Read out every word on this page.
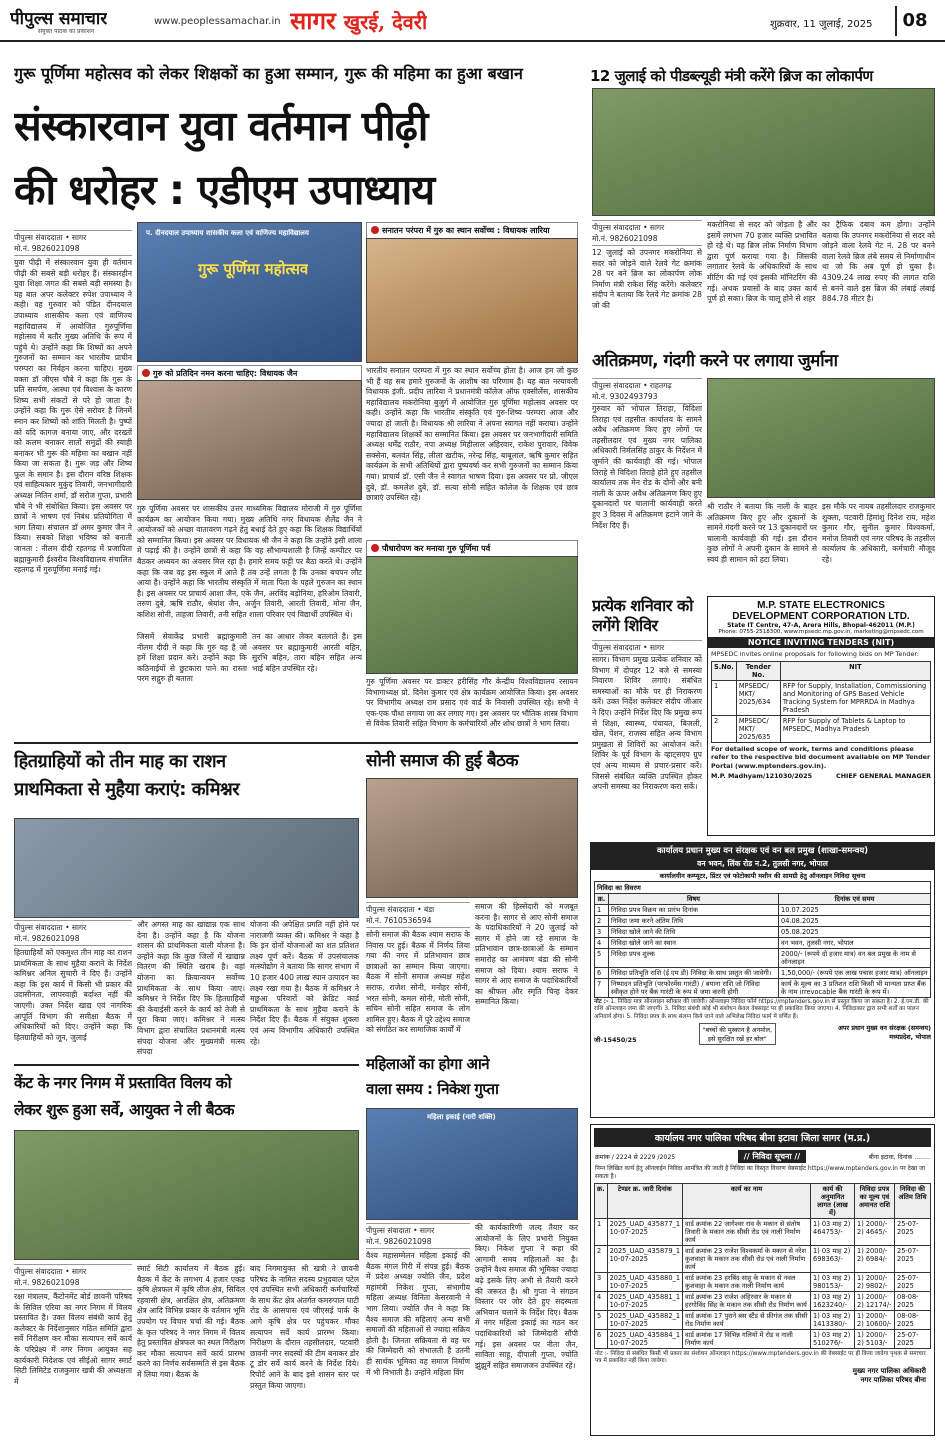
पीपुल्स समाचार
संयुक्त पाठक का प्रकाशन
www.peoplessamachar.in सागर खुरई, देवरी	शुक्रवार, 11 जुलाई, 2025	08
गुरू पूर्णिमा महोत्सव को लेकर शिक्षकों का हुआ सम्मान, गुरू की महिमा का हुआ बखान
संस्कारवान युवा वर्तमान पीढ़ी
की धरोहर : एडीएम उपाध्याय
पीपुल्स संवाददाता • सागर
मो.नं. 9826021098
युवा पीढ़ी में संस्कारवान युवा ही वर्तमान पीढ़ी की सबसे बड़ी धरोहर हैं। संस्कारहीन युवा शिक्षा जगत की सबसे बड़ी समस्या है। यह बात अपर कलेक्टर रुपेश उपाध्याय ने कही। वह गुरुवार को पंडित दीनदयाल उपाध्याय शासकीय कला एवं वाणिज्य महाविद्यालय में आयोजित गुरुपूर्णिमा महोत्सव में बतौर मुख्य अतिथि के रूप में पहुंचे थे। उन्होंने कहा कि शिष्यों का अपने गुरुजनों का सम्मान कर भारतीय प्राचीन परम्परा का निर्वहन करना चाहिए। मुख्य वक्ता डॉ जीएस चौबे ने कहा कि गुरू के प्रति समर्पण, आस्था एवं विश्वास के कारण शिष्य सभी संकटों से परे हो जाता है। उन्होंने कहा कि गुरू ऐसे सरोवर है जिनमें स्नान कर शिष्यों को शांति मिलती है। पुष्पों को यदि कागज बनाया जाए, और दरख्तों को कलम बनाकर सातों समुद्रों की स्याही बनाकर भी गुरू की महिमा का बखान नहीं किया जा सकता है। गुरू जड़ और शिष्य फूल के समान है। इस दौरान वरिष्ठ शिक्षक एवं साहित्यकार मुकुंद तिवारी, जनभागीदारी अध्यक्ष नितिन शर्मा, डॉ सरोज गुप्ता, प्रभारी चौबे ने भी संबोधित किया। इस अवसर पर छात्रों ने भाषण एवं निबंध प्रतियोगिता में भाग लिया। संचालन डॉ अमर कुमार जैन ने किया। सबको शिक्षा भविष्य को बनाती जानता : नीलम दीदी रहतगढ़ में प्रजापिता ब्रह्माकुमारी ईश्वरीय विश्वविद्यालय संचालित रहतगढ़ में गुरुपूर्णिमा मनाई गई।
प. दीनदयाल उपाध्याय शासकीय कला एवं वाणिज्य महाविद्यालय
गुरू पूर्णिमा महोत्सव
गुरु को प्रतिदिन नमन करना चाहिए: विधायक जैन
गुरु पूर्णिमा अवसर पर शासकीय उत्तर माध्यमिक विद्यालय मोराजी में गुरु पूर्णिमा कार्यक्रम का आयोजन किया गया। मुख्य अतिथि नगर विधायक शैलेंद्र जैन ने आयोजकों को अच्छा वातावरण गढ़ने हेतु बधाई देते हुए कहा कि शिक्षक विद्यार्थियों को सम्मानित किया। इस अवसर पर विधायक श्री जैन ने कहा कि उन्होंने इसी शाला में पढ़ाई की है। उन्होंने छात्रों से कहा कि वह सौभाग्यशाली है जिन्हें कम्पीटर पर बैठकर अध्ययन का अवसर मिल रहा है। हमारे समय फट्टी पर बैठा करते थे। उन्होंने कहा कि जब वह इस स्कूल में आते हैं तब उन्हें लगता है कि उनका बचपन लौट आया है। उन्होंने कहा कि भारतीय संस्कृति में माता पिता के पहले गुरुजन का स्थान है। इस अवसर पर प्राचार्य आशा जैन, एके जैन, अरविंद बड़ोनिया, हरिओम तिवारी, तरुण दुबे, ऋषि राठौर, श्रेयांश जैन, अर्जुन तिवारी, आरती तिवारी, मोना जैन, कशिश सोनी, ताहजा तिवारी, तनी सहित शाला परिवार एवं विद्यार्थी उपस्थित थे।
जिसमें सेवाकेंद्र प्रभारी ब्रह्माकुमारी नीलम दीदी ने कहा कि गुरु वह है जो हमें शिक्षा प्रदान करे। उन्होंने कहा कि कठिनाईयों से छुटकारा पाने का रास्ता परम सद्गुरु ही बताता
तन का आधार लेकर बतलाते है। इस अवसर पर ब्रह्माकुमारी आरती बहिन, सुरभि बहिन, तारा बहिन सहित अन्य भाई बहिन उपस्थित रहे।
सनातन परंपरा में गुरु का स्थान सर्वोच्च : विधायक लारिया
भारतीय सनातन परम्परा में गुरु का स्थान सर्वोच्च होता है। आज हम जो कुछ भी हैं वह सब हमारे गुरुजनों के आशीष का परिणाम है। यह बात नरयावली विधायक इंजी. प्रदीप लारिया ने प्रधानमंत्री कॉलेज ऑफ एक्सीलेंस, शासकीय महाविद्यालय मकरोनिया बुजुर्ग में आयोजित गुरु पूर्णिमा महोत्सव अवसर पर कही। उन्होंने कहा कि भारतीय संस्कृति एवं गुरु-शिष्य परम्परा आज और ज्यादा हो जाती है। विधायक श्री लारिया ने अपना स्वागत नहीं कराया। उन्होंने महाविद्यालय शिक्षकों का सम्मानित किया। इस अवसर पर जनभागीदारी समिति अध्यक्ष धर्मेंद्र राठौर, नपा अध्यक्ष मिहीलाल अहिरवार, राकेश पुरावार, विवेक सक्सेना, बलवंत सिंह, लीला खटीक, नरेन्द्र सिंह, बाबूलाल, ऋषि कुमार सहित कार्यक्रम के सभी अतिथियों द्वारा पुष्पवर्षा कर सभी गुरुजनों का सम्मान किया गया। प्राचार्य डॉ. एसी जैन ने स्वागत भाषण दिया। इस अवसर पर प्रो. जीएल दुबे, डॉ. कमलेश दुबे, डॉ. सत्या सोनी सहित कॉलेज के शिक्षक एवं छात्र छात्राएं उपस्थित रहे।
पौधारोपण कर मनाया गुरु पूर्णिमा पर्व
गुरु पूर्णिमा अवसर पर डाक्टर हरीसिंह गौर केन्द्रीय विश्वविद्यालय रसायन विभागाध्यक्ष प्रो. दिनेश कुमार एवं क्षेत्र कार्यक्रम आयोजित किया। इस अवसर पर विभागीय अध्यक्ष राम प्रसाद एवं वार्ड के निवासी उपस्थित रहे। सभी ने एक-एक पौधा लगाया जा कर लगाए गए। इस अवसर पर भौतिक शास्त्र विभाग से विवेक तिवारी सहित विभाग के कर्मचारियों और शोध छात्रों ने भाग लिया।
12 जुलाई को पीडब्ल्यूडी मंत्री करेंगे ब्रिज का लोकार्पण
पीपुल्स संवाददाता • सागर
मो.नं. 9826021098
12 जुलाई को उपनगर मकरोनिया से सदर को जोड़ने वाले रेलवे गेट क्रमांक 28 पर बने ब्रिज का लोकार्पण लोक निर्माण मंत्री राकेश सिंह करेंगे। कलेक्टर संदीप ने बताया कि रेलवे गेट क्रमांक 28 जो की
मकरोनिया से सदर को जोड़ता है और इसमें लगभग 70 हजार व्यक्ति प्रभावित हो रहे थे। यह ब्रिज लोक निर्माण विभाग द्वारा पूर्ण कराया गया है। जिसकी लगातार रेलवे के अधिकारियों के साथ मीटिंग की गई एवं इसकी मॉनिटरिंग की गई। अथक प्रयासों के बाद उक्त कार्य पूर्ण हो सका। ब्रिज के चालू होने से शहर
का ट्रैफिक दबाव कम होगा। उन्होंने बताया कि उपनगर मकरोनिया से सदर को जोड़ने वाला रेलवे गेट नं. 28 पर बनने वाला रेलवे ब्रिज लंबे समय से निर्माणाधीन था जो कि अब पूर्ण हो चुका है। 4309.24 लाख रुपए की लागत राशि से बनने वाले इस ब्रिज की लंबाई लंबाई 884.78 मीटर है।
अतिक्रमण, गंदगी करने पर लगाया जुर्माना
पीपुल्स संवाददाता • राहतगढ़
मो.नं. 9302493793
गुरुवार को भोपाल तिराहा, विदिशा तिराहा एवं तहसील कार्यालय के सामने अवैध अतिक्रमण किए हुए लोगों पर तहसीलदार एवं मुख्य नगर पालिका अधिकारी निर्मलसिंह ठाकुर के निर्देशन में जुर्माने की कार्यवाही की गई। भोपाल तिराहे से विदिशा तिराहे होते हुए तहसील कार्यालय तक मेन रोड के दोनों और बनी नाली के ऊपर अवैध अतिक्रमण किए हुए दुकानदारों पर चालानी कार्यवाही करते हुए 3 दिवस में अतिक्रमण हटाने जाने के निर्देश दिए हैं।
श्री राठौर ने बताया कि नाली के बाहर अतिक्रमण किए हुए और दुकानों के सामने गंदगी करने पर 13 दुकानदारों पर चालानी कार्यवाही की गई। इस दौरान कुछ लोगों ने अपनी दुकान के सामने से स्वयं ही सामान को हटा लिया।
इस मौके पर नायब तहसीलदार राजकुमार शुक्ला, पटवारी हिमांशु दिनेश राय, महेश कुमार गौर, सुनील कुमार विश्वकर्मा, मनोज तिवारी एवं नगर परिषद के तहसील कार्यालय के अधिकारी, कर्मचारी मौजूद रहे।
प्रत्येक शनिवार को लगेंगे शिविर
पीपुल्स संवाददाता • सागर
सागर। विभाग प्रमुख प्रत्येक शनिवार को विभाग में दोपहर 12 बजे से समस्या निवारण शिविर लगाएं। संबंधित समस्याओं का मौके पर ही निराकरण करें। उक्त निर्देश कलेक्टर संदीप जीआर ने दिए। उन्होंने निर्देश दिए कि प्रमुख रूप से शिक्षा, स्वास्थ्य, पंचायत, बिजली, खेल, पेंशन, राजस्व सहित अन्य विभाग प्रमुखता से शिविरों का आयोजन करें। शिविर के पूर्व विभाग के व्हाट्सएप ग्रुप एवं अन्य माध्यम से प्रचार-प्रसार करें। जिससे संबंधित व्यक्ति उपस्थित होकर अपनी समस्या का निराकरण करा सकें।
M.P. STATE ELECTRONICS
DEVELOPMENT CORPORATION LTD.
State IT Centre, 47-A, Arera Hills, Bhopal-462011 (M.P.)
Phone: 0755-2518300, www.mpsedc.mp.gov.in, marketing@mpsedc.com
NOTICE INVITING TENDERS (NIT)
MPSEDC invites online proposals for following bids on MP Tender:
S.No.	Tender No.	NIT
1	MPSEDC/ MKT/ 2025/634	RFP for Supply, Installation, Commissioning and Monitoring of GPS Based Vehicle Tracking System for MPRRDA in Madhya Pradesh
2	MPSEDC/ MKT/ 2025/635	RFP for Supply of Tablets & Laptop to MPSEDC, Madhya Pradesh
For detailed scope of work, terms and conditions please refer to the respective bid document available on MP Tender Portal (www.mptenders.gov.in).
M.P. Madhyam/121030/2025	CHIEF GENERAL MANAGER
हितग्राहियों को तीन माह का राशन
प्राथमिकता से मुहैया कराएं: कमिश्नर
पीपुल्स संवाददाता • सागर
मो.नं. 9826021098
हितग्राहियों को एकमुश्त तीन माह का राशन प्राथमिकता के साथ मुहैया कराने के निर्देश कमिश्नर अनिल सुचारी ने दिए हैं। उन्होंने कहा कि इस कार्य में किसी भी प्रकार की उदासीनता, लापरवाही बर्दाश्त नहीं की जाएगी। उक्त निर्देश खाद्य एवं नागरिक आपूर्ति विभाग की समीक्षा बैठक में अधिकारियों को दिए। उन्होंने कहा कि हितग्राहियों को जून, जुलाई
और अगस्त माह का खाद्यान्न एक साथ देना है। उन्होंने कहा है कि योजना शासन की प्राथमिकता वाली योजना है। उन्होंने कहा कि कुछ जिलों में खाद्यान्न वितरण की स्थिति खराब है। वहां योजना का क्रियान्वयन सर्वोच्च प्राथमिकता के साथ किया जाए। कमिश्नर ने निर्देश दिए कि हितग्राहियों की केवाईसी करने के कार्य को तेजी से पूरा किया जाए। कमिश्नर ने मत्स्य विभाग द्वारा संचालित प्रधानमंत्री मत्स्य संपदा योजना और मुख्यमंत्री मत्स्य संपदा
योजना की अपेक्षित प्रगति नहीं होने पर नाराजगी व्यक्त की। कमिश्नर ने कहा है कि इन दोनों योजनाओं का शत प्रतिशत लक्ष्य पूर्ण करें। बैठक में उपसंचालक मत्स्योद्योग ने बताया कि सागर संभाग में 10 हजार 400 लाख स्पान उत्पादन का लक्ष्य रखा गया है। बैठक में कमिश्नर ने मछुआ परिवारों को क्रेडिट कार्ड प्राथमिकता के साथ मुहैया कराने के निर्देश दिए हैं। बैठक में संयुक्त शुक्ला एवं अन्य विभागीय अधिकारी उपस्थित रहे।
सोनी समाज की हुई बैठक
पीपुल्स संवाददाता • बंडा
मो.नं. 7610536594
सोनी समाज की बैठक श्याम सराफ के निवास पर हुई। बैठक में निर्णय लिया गया की नगर में प्रतिभावान छात्र छात्राओं का सम्मान किया जाएगा। बैठक में सोनी समाज अध्यक्ष महेश सराफ, राजेश सोनी, मनोहर सोनी, भरत सोनी, कमल सोनी, मोती सोनी, सचिन सोनी सहित समाज के लोग शामिल हुए। बैठक में पूरे उद्देश्य समाज को संगठित कर सामाजिक कार्यों में
समाज की हिस्सेदारी को मजबूत करना है। सागर से आए सोनी समाज के पदाधिकारियों ने 20 जुलाई को सागर में होने जा रहे समाज के प्रतिभावान छात्र-छात्राओं के सम्मान समारोह का आमंत्रण बंडा की सोनी समाज को दिया। श्याम सराफ ने सागर से आए समाज के पदाधिकारियों का श्रीफल और स्मृति चिन्ह देकर सम्मानित किया।
केंट के नगर निगम में प्रस्तावित विलय को
लेकर शुरू हुआ सर्वे, आयुक्त ने ली बैठक
पीपुल्स संवाददाता • सागर
मो.नं. 9826021098
रक्षा मंत्रालय, कैंटोनमेंट बोर्ड छावनी परिषद के सिविल एरिया का नगर निगम में विलय प्रस्तावित है। उक्त विलय संबंधी कार्य हेतु कलेक्टर के निर्देशानुसार गठित समिति द्वारा सर्वे निरीक्षण कर मौका सत्यापन सर्वे कार्य के परिप्रेक्ष्य में नगर निगम आयुक्त सह कार्यकारी निदेशक एवं सीईओ सागर स्मार्ट सिटी लिमिटेड राजकुमार खत्री की अध्यक्षता में
स्मार्ट सिटी कार्यालय में बैठक हुई। बैठक में केंट के लगभग 4 हजार एकड़ कृषि क्षेत्रफल में कृषि लीज क्षेत्र, सिविल रहवासी क्षेत्र, आरक्षित क्षेत्र, अतिक्रमण क्षेत्र आदि विभिन्न प्रकार के वर्तमान भूमि उपयोग पर विचार चर्चा की गई। बैठक के कृत परिषद ने नगर निगम में विलय हेतु प्रस्तावित क्षेत्रफल का स्थल निरीक्षण कर मौका सत्यापन सर्वे कार्य प्रारम्भ करने का निर्णय सर्वसम्मति से इस बैठक में लिया गया। बैठक के
बाद निगमायुक्त श्री खत्री ने छावनी परिषद के नामित सदस्य प्रभुदयाल पटेल एवं उपस्थित सभी अधिकारी कर्मचारियों के साथ केंट क्षेत्र अंतर्गत कमरुपाल घाटी रोड के आसपास एवं जीएसई पार्क के आगे कृषि क्षेत्र पर पहुंचकर मौका सत्यापन सर्वे कार्य प्रारम्भ किया। निरीक्षण के दौरान तहसीलदार, पटवारी छावनी नगर सदस्यों की टीम बनाकर डोर टू डोर सर्वे कार्य करने के निर्देश दिये। रिपोर्ट आने के बाद इसे शासन स्तर पर प्रस्तुत किया जाएगा।
महिलाओं का होगा आने
वाला समय : निकेश गुप्ता
महिला इकाई (नारी शक्ति)
पीपुल्स संवादाता • सागर
मो.नं. 9826021098
वैश्य महासम्मेलन महिला इकाई की बैठक मंगल गिरी में संपन्न हुई। बैठक में प्रदेश अध्यक्ष ज्योति जैन, प्रदेश महामंत्री निकेश गुप्ता, संभागीय महिला अध्यक्ष विनिता केसरवानी ने भाग लिया। ज्योति जैन ने कहा कि वैश्य समाज की महिलाएं अन्य सभी समाजों की महिलाओं से ज्यादा सक्रिय होती है। जिनता सक्रियता से वह घर की जिम्मेदारी को संभालती है उतनी ही सार्थक भूमिका वह समाज निर्माण में भी निभाती है। उन्होंने महिला विंग
की कार्यकारिणी जल्द तैयार कर आयोजनों के लिए प्रभारी नियुक्त किए। निकेश गुप्ता ने कहा की आगामी समय महिलाओं का है। उन्होंने वैश्य समाज की भूमिका ज्यादा बढ़े इसके लिए अभी से तैयारी करने की जरूरत है। श्री गुप्ता ने संगठन विस्तार पर जोर देते हुए सदस्यता अभियान चलाने के निर्देश दिए। बैठक में नगर महिला इकाई का गठन कर पदाधिकारियों को जिम्मेदारी सौंपी गई। इस अवसर पर नीता जैन, साविता साहू, दीपाली गुप्ता, ज्योति झुंझुनें सहित समाजजन उपस्थित रहे।
कार्यालय प्रधान मुख्य वन संरक्षक एवं वन बल प्रमुख (शाखा-समन्वय)
वन भवन, लिंक रोड न.2, तुलसी नगर, भोपाल
कार्यालयीन कम्प्यूटर, प्रिंटर एवं फोटोकापी मशीन की सामग्री हेतु ऑनलाइन निविदा सूचना
निविदा का विवरण
क्र.	विषय	दिनांक एवं समय
1	निविदा प्रपत्र विक्रय का प्रारंभ दिनांक	10.07.2025
2	निविदा जमा करने अंतिम तिथि	04.08.2025
3	निविदा खोले जाने की तिथि	05.08.2025
4	निविदा खोले जाने का स्थान	वन भवन, तुलसी नगर, भोपाल
5	निविदा प्रपत्र शुल्क	2000/- (रूपये दो हजार मात्र) वन बल प्रमुख के नाम से ऑनलाइन
6	निविदा प्रतिभूति राशि (ई एम डी) निविदा के साथ प्रस्तुत की जावेगी।	1,50,000/- (रूपये एक लाख पचास हजार मात्र) ऑनलाइन
7	निष्पादन प्रतिभूति (परफोरमेंस गारंटी) / बयाना राशि जो निविदा स्वीकृत होने पर बैंक गारंटी के रूप में जमा करनी होगी	कार्य के मूल्य का 3 प्रतिशत राशि किसी भी मान्यता प्राप्त बैंक के नाम irrevocable बैंक गारंटी के रूप में।
नोट :- 1. निविदा मात्र ऑनलाइन स्वीकार की जावेगी। ऑनलाइन निविदा फॉर्म https://mptenders.gov.in से प्रस्तुत किया जा सकता है। 2. ई.एम.डी. की राशि ऑनलाइन जमा की जाएगी। 3. निविदा संबंधी कोई भी संशोधन केवल वेबसाइट पर ही प्रकाशित किया जाएगा। 4. निविदाकार द्वारा सभी शर्तों का पालन अनिवार्य होगा। 5. निविदा प्रपत्र के साथ संलग्न किये जाने वाले अभिलेख निविदा फार्म में वर्णित हैं।
जी-15450/25
"बच्चों की मुस्कान है अनमोल,
इसे सुरक्षित रखें हर बोल"
अपर प्रधान मुख्य वन संरक्षक (समन्वय)
मध्यप्रदेश, भोपाल
कार्यालय नगर पालिका परिषद बीना इटावा जिला सागर (म.प्र.)
क्रमांक / 2224 से 2229 /2025	// निविदा सूचना //	बीना इटावा, दिनांक ........
निम्न लिखित कार्य हेतु ऑनलाईन निविदा आमंत्रित की जाती है निविदा का विस्तृत विवरण वेबसाईट https://www.mptenders.gov.in पर देखा जा सकता है।
क्र.	टेण्डर क्र. जारी दिनांक	कार्य का नाम	कार्य की अनुमानित लागत (लाख में)	निविदा प्रपत्र का मूल्य एवं अमानत राशि	निविदा की अंतिम तिथि
1	2025_UAD_435877_1 10-07-2025	वार्ड क्रमांक 22 जागेश्वर राव के मकान से संतोष तिवारी के मकान तक सीसी रोड एवं नाली निर्माण कार्य	1) 03 माह 2) 464753/-	1) 2000/- 2) 4645/-	25-07-2025
2	2025_UAD_435879_1 10-07-2025	वार्ड क्रमांक 23 राजेश विश्वकर्मा के मकान से नरेश कुशवाहा के मकान तक सीसी रोड एवं नाली निर्माण कार्य	1) 03 माह 2) 698363/-	1) 2000/- 2) 6984/-	25-07-2025
3	2025_UAD_435880_1 10-07-2025	वार्ड क्रमांक 23 हरबिंद साहू के मकान से नवल कुशवाहा के मकान तक नाली निर्माण कार्य	1) 03 माह 2) 980153/-	1) 2000/- 2) 9802/-	25-07-2025
4	2025_UAD_435881_1 10-07-2025	वार्ड क्रमांक 23 राजेश अहिरवार के मकान से हरगोविंद सिंह के मकान तक सीसी रोड निर्माण कार्य	1) 03 माह 2) 1623240/-	1) 2000/- 2) 12174/-	08-08-2025
5	2025_UAD_435882_1 10-07-2025	वार्ड क्रमांक 17 पुराने बस स्टैंड से फ्रीगंज तक सीसी रोड निर्माण कार्य	1) 03 माह 2) 1413380/-	1) 2000/- 2) 10600/-	08-08-2025
6	2025_UAD_435884_1 10-07-2025	वार्ड क्रमांक 17 विभिन्न गलियों में रोड व नाली निर्माण कार्य	1) 03 माह 2) 510276/-	1) 2000/- 2) 5103/-	25-07-2025
नोट :- निविदा से संबंधित किसी भी प्रकार का संशोधन ऑनलाइन https://www.mptenders.gov.in की वेबसाईट पर ही किया जावेगा पृथक से समाचार पत्र में प्रकाशित नहीं किया जावेगा।
मुख्य नगर पालिका अधिकारी
नगर पालिका परिषद बीना
